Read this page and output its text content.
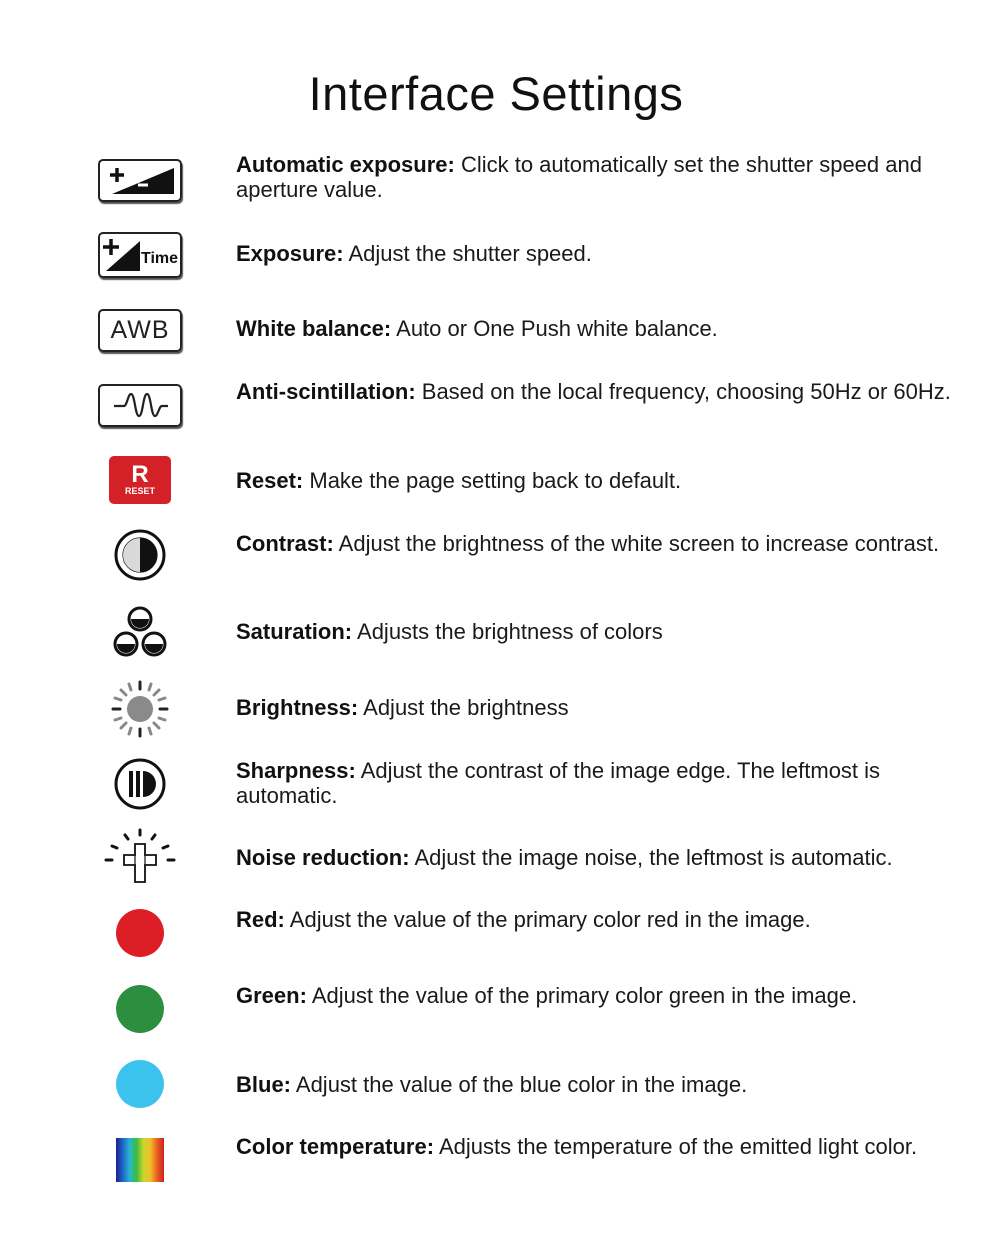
Interface Settings
Automatic exposure: Click to automatically set the shutter speed and aperture value.
Time	Exposure: Adjust the shutter speed.
AWB	White balance: Auto or One Push white balance.
Anti-scintillation: Based on the local frequency, choosing 50Hz or 60Hz.
R
RESET	Reset: Make the page setting back to default.
Contrast: Adjust the brightness of the white screen to increase contrast.
Saturation: Adjusts the brightness of colors
Brightness: Adjust the brightness
Sharpness: Adjust the contrast of the image edge. The leftmost is automatic.
Noise reduction: Adjust the image noise, the leftmost is automatic.
Red: Adjust the value of the primary color red in the image.
Green: Adjust the value of the primary color green in the image.
Blue: Adjust the value of the blue color in the image.
Color temperature: Adjusts the temperature of the emitted light color.
